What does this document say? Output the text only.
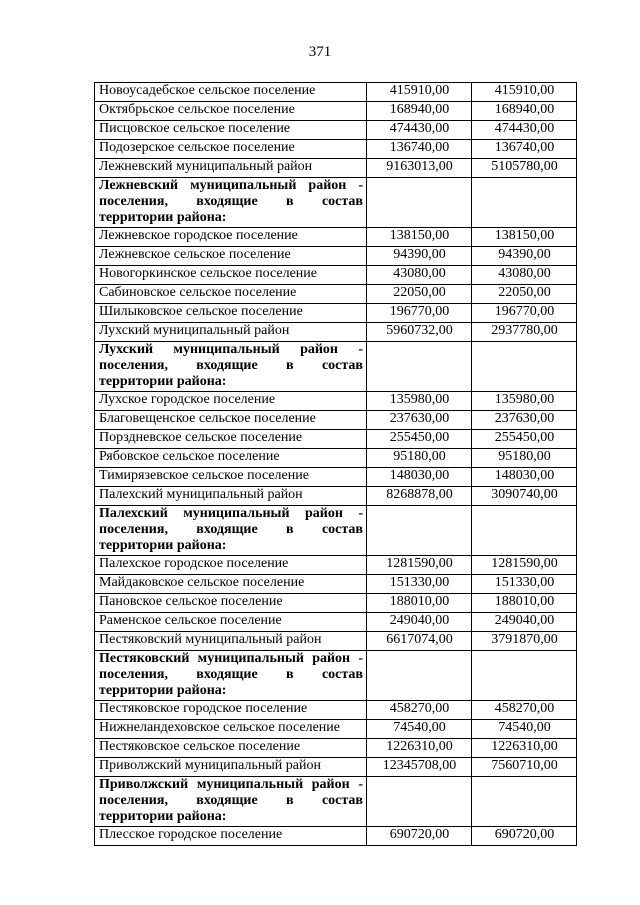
371
Новоусадебское сельское поселение	415910,00	415910,00
Октябрьское сельское поселение	168940,00	168940,00
Писцовское сельское поселение	474430,00	474430,00
Подозерское сельское поселение	136740,00	136740,00
Лежневский муниципальный район	9163013,00	5105780,00
Лежневский муниципальный район - поселения, входящие в состав территории района:		
Лежневское городское поселение	138150,00	138150,00
Лежневское сельское поселение	94390,00	94390,00
Новогоркинское сельское поселение	43080,00	43080,00
Сабиновское сельское поселение	22050,00	22050,00
Шилыковское сельское поселение	196770,00	196770,00
Лухский муниципальный район	5960732,00	2937780,00
Лухский муниципальный район - поселения, входящие в состав территории района:		
Лухское городское поселение	135980,00	135980,00
Благовещенское сельское поселение	237630,00	237630,00
Порздневское сельское поселение	255450,00	255450,00
Рябовское сельское поселение	95180,00	95180,00
Тимирязевское сельское поселение	148030,00	148030,00
Палехский муниципальный район	8268878,00	3090740,00
Палехский муниципальный район - поселения, входящие в состав территории района:		
Палехское городское поселение	1281590,00	1281590,00
Майдаковское сельское поселение	151330,00	151330,00
Пановское сельское поселение	188010,00	188010,00
Раменское сельское поселение	249040,00	249040,00
Пестяковский муниципальный район	6617074,00	3791870,00
Пестяковский муниципальный район - поселения, входящие в состав территории района:		
Пестяковское городское поселение	458270,00	458270,00
Нижнеландеховское сельское поселение	74540,00	74540,00
Пестяковское сельское поселение	1226310,00	1226310,00
Приволжский муниципальный район	12345708,00	7560710,00
Приволжский муниципальный район - поселения, входящие в состав территории района:		
Плесское городское поселение	690720,00	690720,00
